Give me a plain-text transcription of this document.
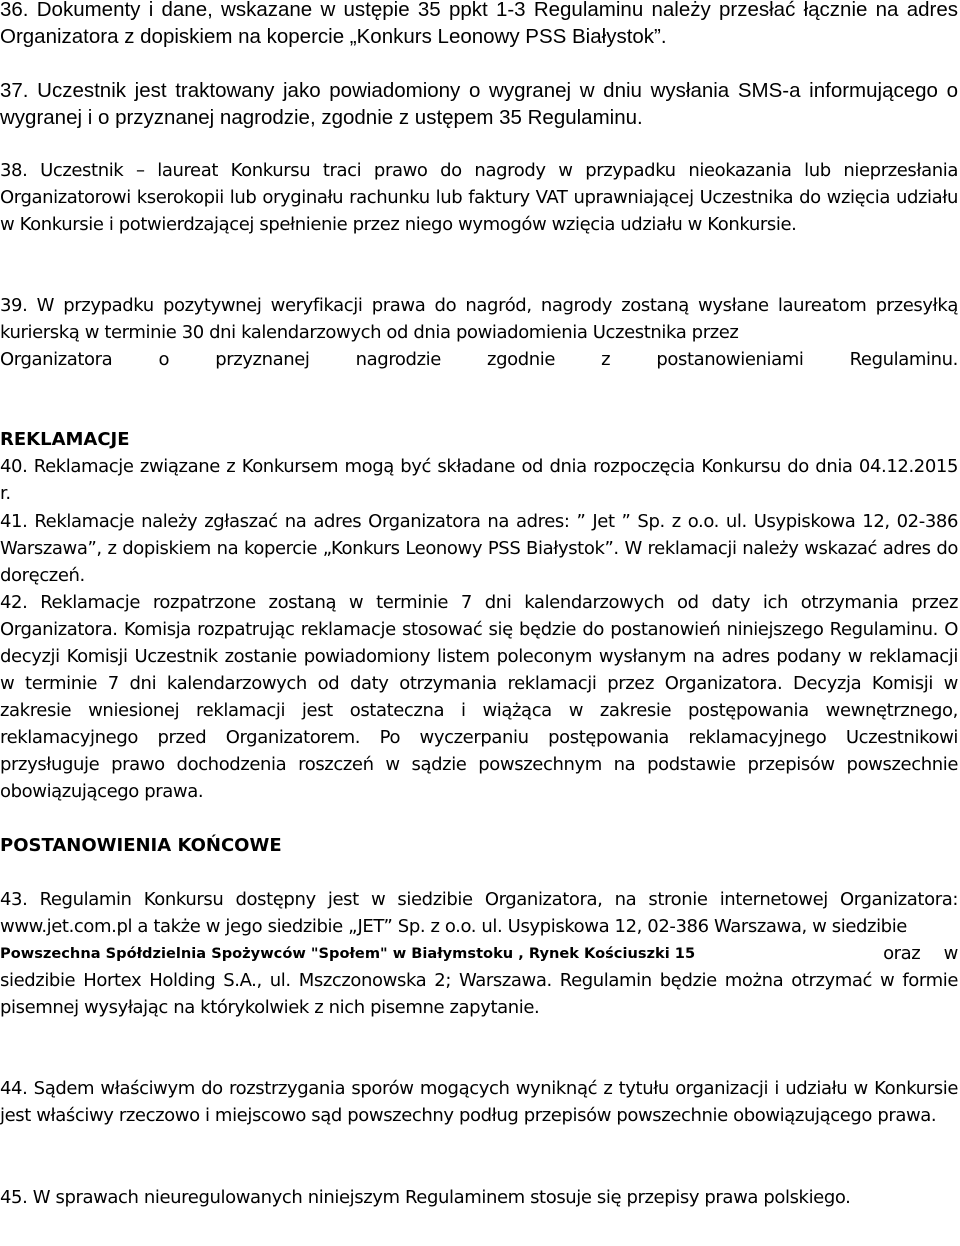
36. Dokumenty i dane, wskazane w ustępie 35 ppkt 1-3 Regulaminu należy przesłać łącznie na adres Organizatora z dopiskiem na kopercie „Konkurs Leonowy PSS Białystok”.
37. Uczestnik jest traktowany jako powiadomiony o wygranej w dniu wysłania SMS-a informującego o wygranej i o przyznanej nagrodzie, zgodnie z ustępem 35 Regulaminu.
38. Uczestnik – laureat Konkursu traci prawo do nagrody w przypadku nieokazania lub nieprzesłania Organizatorowi kserokopii lub oryginału rachunku lub faktury VAT uprawniającej Uczestnika do wzięcia udziału w Konkursie i potwierdzającej spełnienie przez niego wymogów wzięcia udziału w Konkursie.
39. W przypadku pozytywnej weryfikacji prawa do nagród, nagrody zostaną wysłane laureatom przesyłką kurierską w terminie 30 dni kalendarzowych od dnia powiadomienia Uczestnika przez
Organizatora	o	przyznanej	nagrodzie	zgodnie	z	postanowieniami	Regulaminu.
REKLAMACJE
40. Reklamacje związane z Konkursem mogą być składane od dnia rozpoczęcia Konkursu do dnia 04.12.2015 r.
41. Reklamacje należy zgłaszać na adres Organizatora na adres: ” Jet ” Sp. z o.o. ul. Usypiskowa 12, 02-386 Warszawa”, z dopiskiem na kopercie „Konkurs Leonowy PSS Białystok”. W reklamacji należy wskazać adres do doręczeń.
42. Reklamacje rozpatrzone zostaną w terminie 7 dni kalendarzowych od daty ich otrzymania przez Organizatora. Komisja rozpatrując reklamacje stosować się będzie do postanowień niniejszego Regulaminu. O decyzji Komisji Uczestnik zostanie powiadomiony listem poleconym wysłanym na adres podany w reklamacji w terminie 7 dni kalendarzowych od daty otrzymania reklamacji przez Organizatora. Decyzja Komisji w zakresie wniesionej reklamacji jest ostateczna i wiążąca w zakresie postępowania wewnętrznego, reklamacyjnego przed Organizatorem. Po wyczerpaniu postępowania reklamacyjnego Uczestnikowi przysługuje prawo dochodzenia roszczeń w sądzie powszechnym na podstawie przepisów powszechnie obowiązującego prawa.
POSTANOWIENIA KOŃCOWE
43. Regulamin Konkursu dostępny jest w siedzibie Organizatora, na stronie internetowej Organizatora: www.jet.com.pl a także w jego siedzibie „JET” Sp. z o.o. ul. Usypiskowa 12, 02-386 Warszawa, w siedzibie
Powszechna Spółdzielnia Spożywców "Społem" w Białymstoku , Rynek Kościuszki 15	oraz w
siedzibie Hortex Holding S.A., ul. Mszczonowska 2; Warszawa. Regulamin będzie można otrzymać w formie pisemnej wysyłając na którykolwiek z nich pisemne zapytanie.
44. Sądem właściwym do rozstrzygania sporów mogących wyniknąć z tytułu organizacji i udziału w Konkursie jest właściwy rzeczowo i miejscowo sąd powszechny podług przepisów powszechnie obowiązującego prawa.
45. W sprawach nieuregulowanych niniejszym Regulaminem stosuje się przepisy prawa polskiego.
